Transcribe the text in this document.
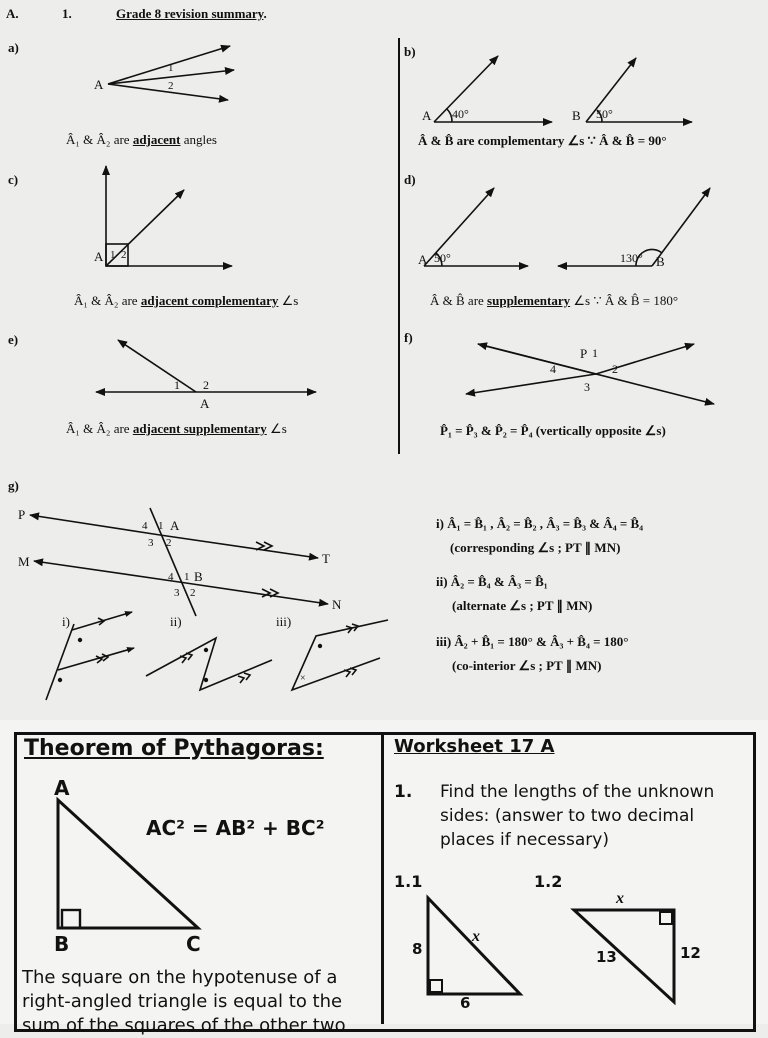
A.	1.	Grade 8 revision summary.
a)
A
1
2
Â₁ & Â₂ are adjacent angles
b)
A 40°	B 50°
Â & B̂ are complementary ∠s ∵ Â & B̂ = 90°
c)
A 1 2
Â₁ & Â₂ are adjacent complementary ∠s
d)
A 50°	130° B
Â & B̂ are supplementary ∠s ∵ Â & B̂ = 180°
e)
1 2
A
Â₁ & Â₂ are adjacent supplementary ∠s
f)
P 1
2
3
4
P̂₁ = P̂₃ & P̂₂ = P̂₄ (vertically opposite ∠s)
g)
P
T
M
N
A
B
4 1
3 2
4 1
3 2
i)	ii)	iii)
×
i) Â₁ = B̂₁ , Â₂ = B̂₂ , Â₃ = B̂₃ & Â₄ = B̂₄
(corresponding ∠s ; PT ∥ MN)
ii) Â₂ = B̂₄ & Â₃ = B̂₁
(alternate ∠s ; PT ∥ MN)
iii) Â₂ + B̂₁ = 180° & Â₃ + B̂₄ = 180°
(co-interior ∠s ; PT ∥ MN)
Theorem of Pythagoras:
A
B	C
AC² = AB² + BC²
The square on the hypotenuse of a right-angled triangle is equal to the sum of the squares of the other two
Worksheet 17 A
1. Find the lengths of the unknown sides: (answer to two decimal places if necessary)
1.1	1.2
8
x
6
x
13	12
